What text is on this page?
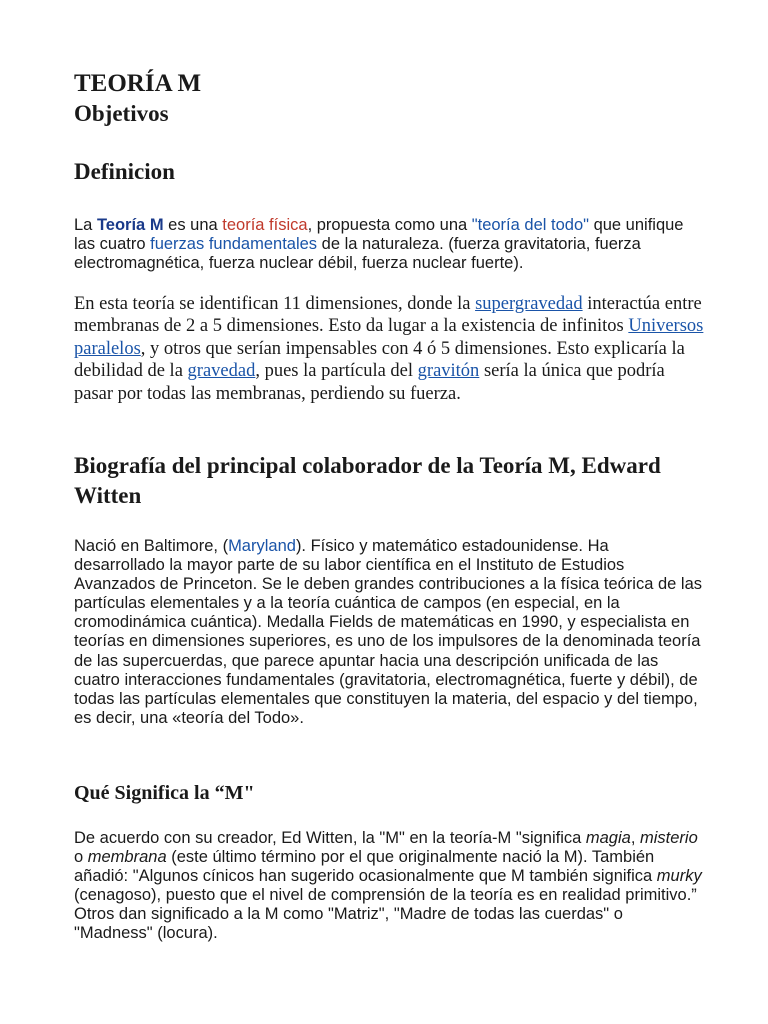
TEORÍA M
Objetivos
Definicion

La Teoría M es una teoría física, propuesta como una "teoría del todo" que unifique las cuatro fuerzas fundamentales de la naturaleza. (fuerza gravitatoria, fuerza electromagnética, fuerza nuclear débil, fuerza nuclear fuerte).

En esta teoría se identifican 11 dimensiones, donde la supergravedad interactúa entre membranas de 2 a 5 dimensiones. Esto da lugar a la existencia de infinitos Universos paralelos, y otros que serían impensables con 4 ó 5 dimensiones. Esto explicaría la debilidad de la gravedad, pues la partícula del gravitón sería la única que podría pasar por todas las membranas, perdiendo su fuerza.

Biografía del principal colaborador de la Teoría M, Edward Witten

Nació en Baltimore, (Maryland). Físico y matemático estadounidense. Ha desarrollado la mayor parte de su labor científica en el Instituto de Estudios Avanzados de Princeton. Se le deben grandes contribuciones a la física teórica de las partículas elementales y a la teoría cuántica de campos (en especial, en la cromodinámica cuántica). Medalla Fields de matemáticas en 1990, y especialista en teorías en dimensiones superiores, es uno de los impulsores de la denominada teoría de las supercuerdas, que parece apuntar hacia una descripción unificada de las cuatro interacciones fundamentales (gravitatoria, electromagnética, fuerte y débil), de todas las partículas elementales que constituyen la materia, del espacio y del tiempo, es decir, una «teoría del Todo».

Qué Significa la “M"

De acuerdo con su creador, Ed Witten, la "M" en la teoría-M "significa magia, misterio o membrana (este último término por el que originalmente nació la M). También añadió: "Algunos cínicos han sugerido ocasionalmente que M también significa murky (cenagoso), puesto que el nivel de comprensión de la teoría es en realidad primitivo.” Otros dan significado a la M como "Matriz", "Madre de todas las cuerdas" o "Madness" (locura).
